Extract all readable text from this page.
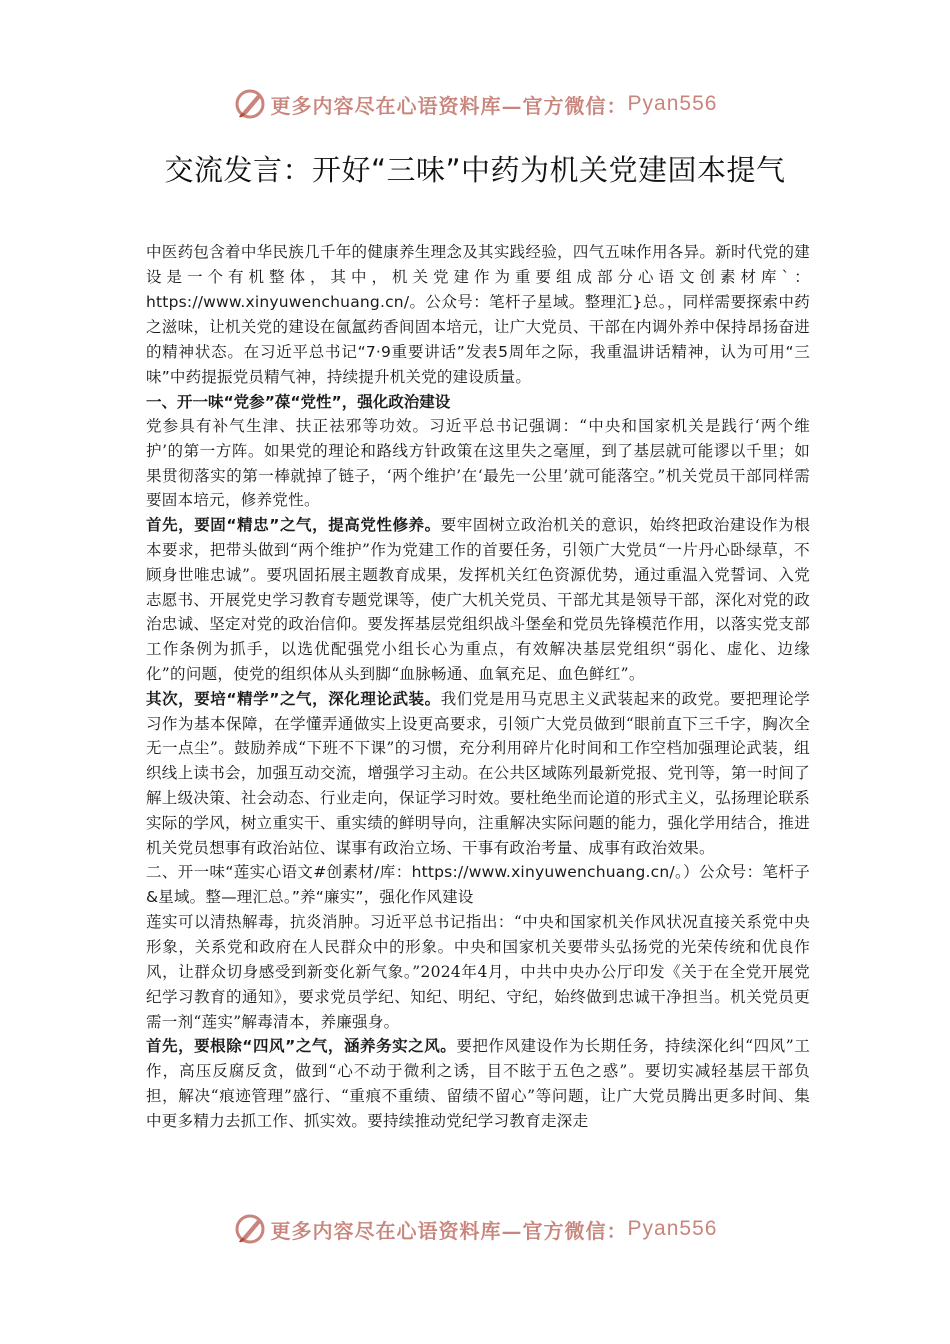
更多内容尽在心语资料库—官方微信： Pyan556
交流发言：开好“三味”中药为机关党建固本提气

中医药包含着中华民族几千年的健康养生理念及其实践经验，四气五味作用各异。新时代党的建设是一个有机整体，其中，机关党建作为重要组成部分心语文创素材库`：https://www.xinyuwenchuang.cn/。公众号：笔杆子星域。整理汇}总。，同样需要探索中药之滋味，让机关党的建设在氤氲药香间固本培元，让广大党员、干部在内调外养中保持昂扬奋进的精神状态。在习近平总书记“7·9重要讲话”发表5周年之际，我重温讲话精神，认为可用“三味”中药提振党员精气神，持续提升机关党的建设质量。

一、开一味“党参”葆“党性”，强化政治建设

党参具有补气生津、扶正祛邪等功效。习近平总书记强调：“中央和国家机关是践行‘两个维护’的第一方阵。如果党的理论和路线方针政策在这里失之毫厘，到了基层就可能谬以千里；如果贯彻落实的第一棒就掉了链子，‘两个维护’在‘最先一公里’就可能落空。”机关党员干部同样需要固本培元，修养党性。

首先，要固“精忠”之气，提高党性修养。要牢固树立政治机关的意识，始终把政治建设作为根本要求，把带头做到“两个维护”作为党建工作的首要任务，引领广大党员“一片丹心卧绿草，不顾身世唯忠诚”。要巩固拓展主题教育成果，发挥机关红色资源优势，通过重温入党誓词、入党志愿书、开展党史学习教育专题党课等，使广大机关党员、干部尤其是领导干部，深化对党的政治忠诚、坚定对党的政治信仰。要发挥基层党组织战斗堡垒和党员先锋模范作用，以落实党支部工作条例为抓手，以选优配强党小组长心为重点，有效解决基层党组织“弱化、虚化、边缘化”的问题，使党的组织体从头到脚“血脉畅通、血氧充足、血色鲜红”。

其次，要培“精学”之气，深化理论武装。我们党是用马克思主义武装起来的政党。要把理论学习作为基本保障，在学懂弄通做实上设更高要求，引领广大党员做到“眼前直下三千字，胸次全无一点尘”。鼓励养成“下班不下课”的习惯，充分利用碎片化时间和工作空档加强理论武装，组织线上读书会，加强互动交流，增强学习主动。在公共区域陈列最新党报、党刊等，第一时间了解上级决策、社会动态、行业走向，保证学习时效。要杜绝坐而论道的形式主义，弘扬理论联系实际的学风，树立重实干、重实绩的鲜明导向，注重解决实际问题的能力，强化学用结合，推进机关党员想事有政治站位、谋事有政治立场、干事有政治考量、成事有政治效果。

二、开一味“莲实心语文#创素材/库：https://www.xinyuwenchuang.cn/。）公众号：笔杆子&星域。整—理汇总。”养“廉实”，强化作风建设

莲实可以清热解毒，抗炎消肿。习近平总书记指出：“中央和国家机关作风状况直接关系党中央形象，关系党和政府在人民群众中的形象。中央和国家机关要带头弘扬党的光荣传统和优良作风，让群众切身感受到新变化新气象。”2024年4月，中共中央办公厅印发《关于在全党开展党纪学习教育的通知》，要求党员学纪、知纪、明纪、守纪，始终做到忠诚干净担当。机关党员更需一剂“莲实”解毒清本，养廉强身。

首先，要根除“四风”之气，涵养务实之风。要把作风建设作为长期任务，持续深化纠“四风”工作，高压反腐反贪，做到“心不动于微利之诱，目不眩于五色之惑”。要切实减轻基层干部负担，解决“痕迹管理”盛行、“重痕不重绩、留绩不留心”等问题，让广大党员腾出更多时间、集中更多精力去抓工作、抓实效。要持续推动党纪学习教育走深走

更多内容尽在心语资料库—官方微信： Pyan556
